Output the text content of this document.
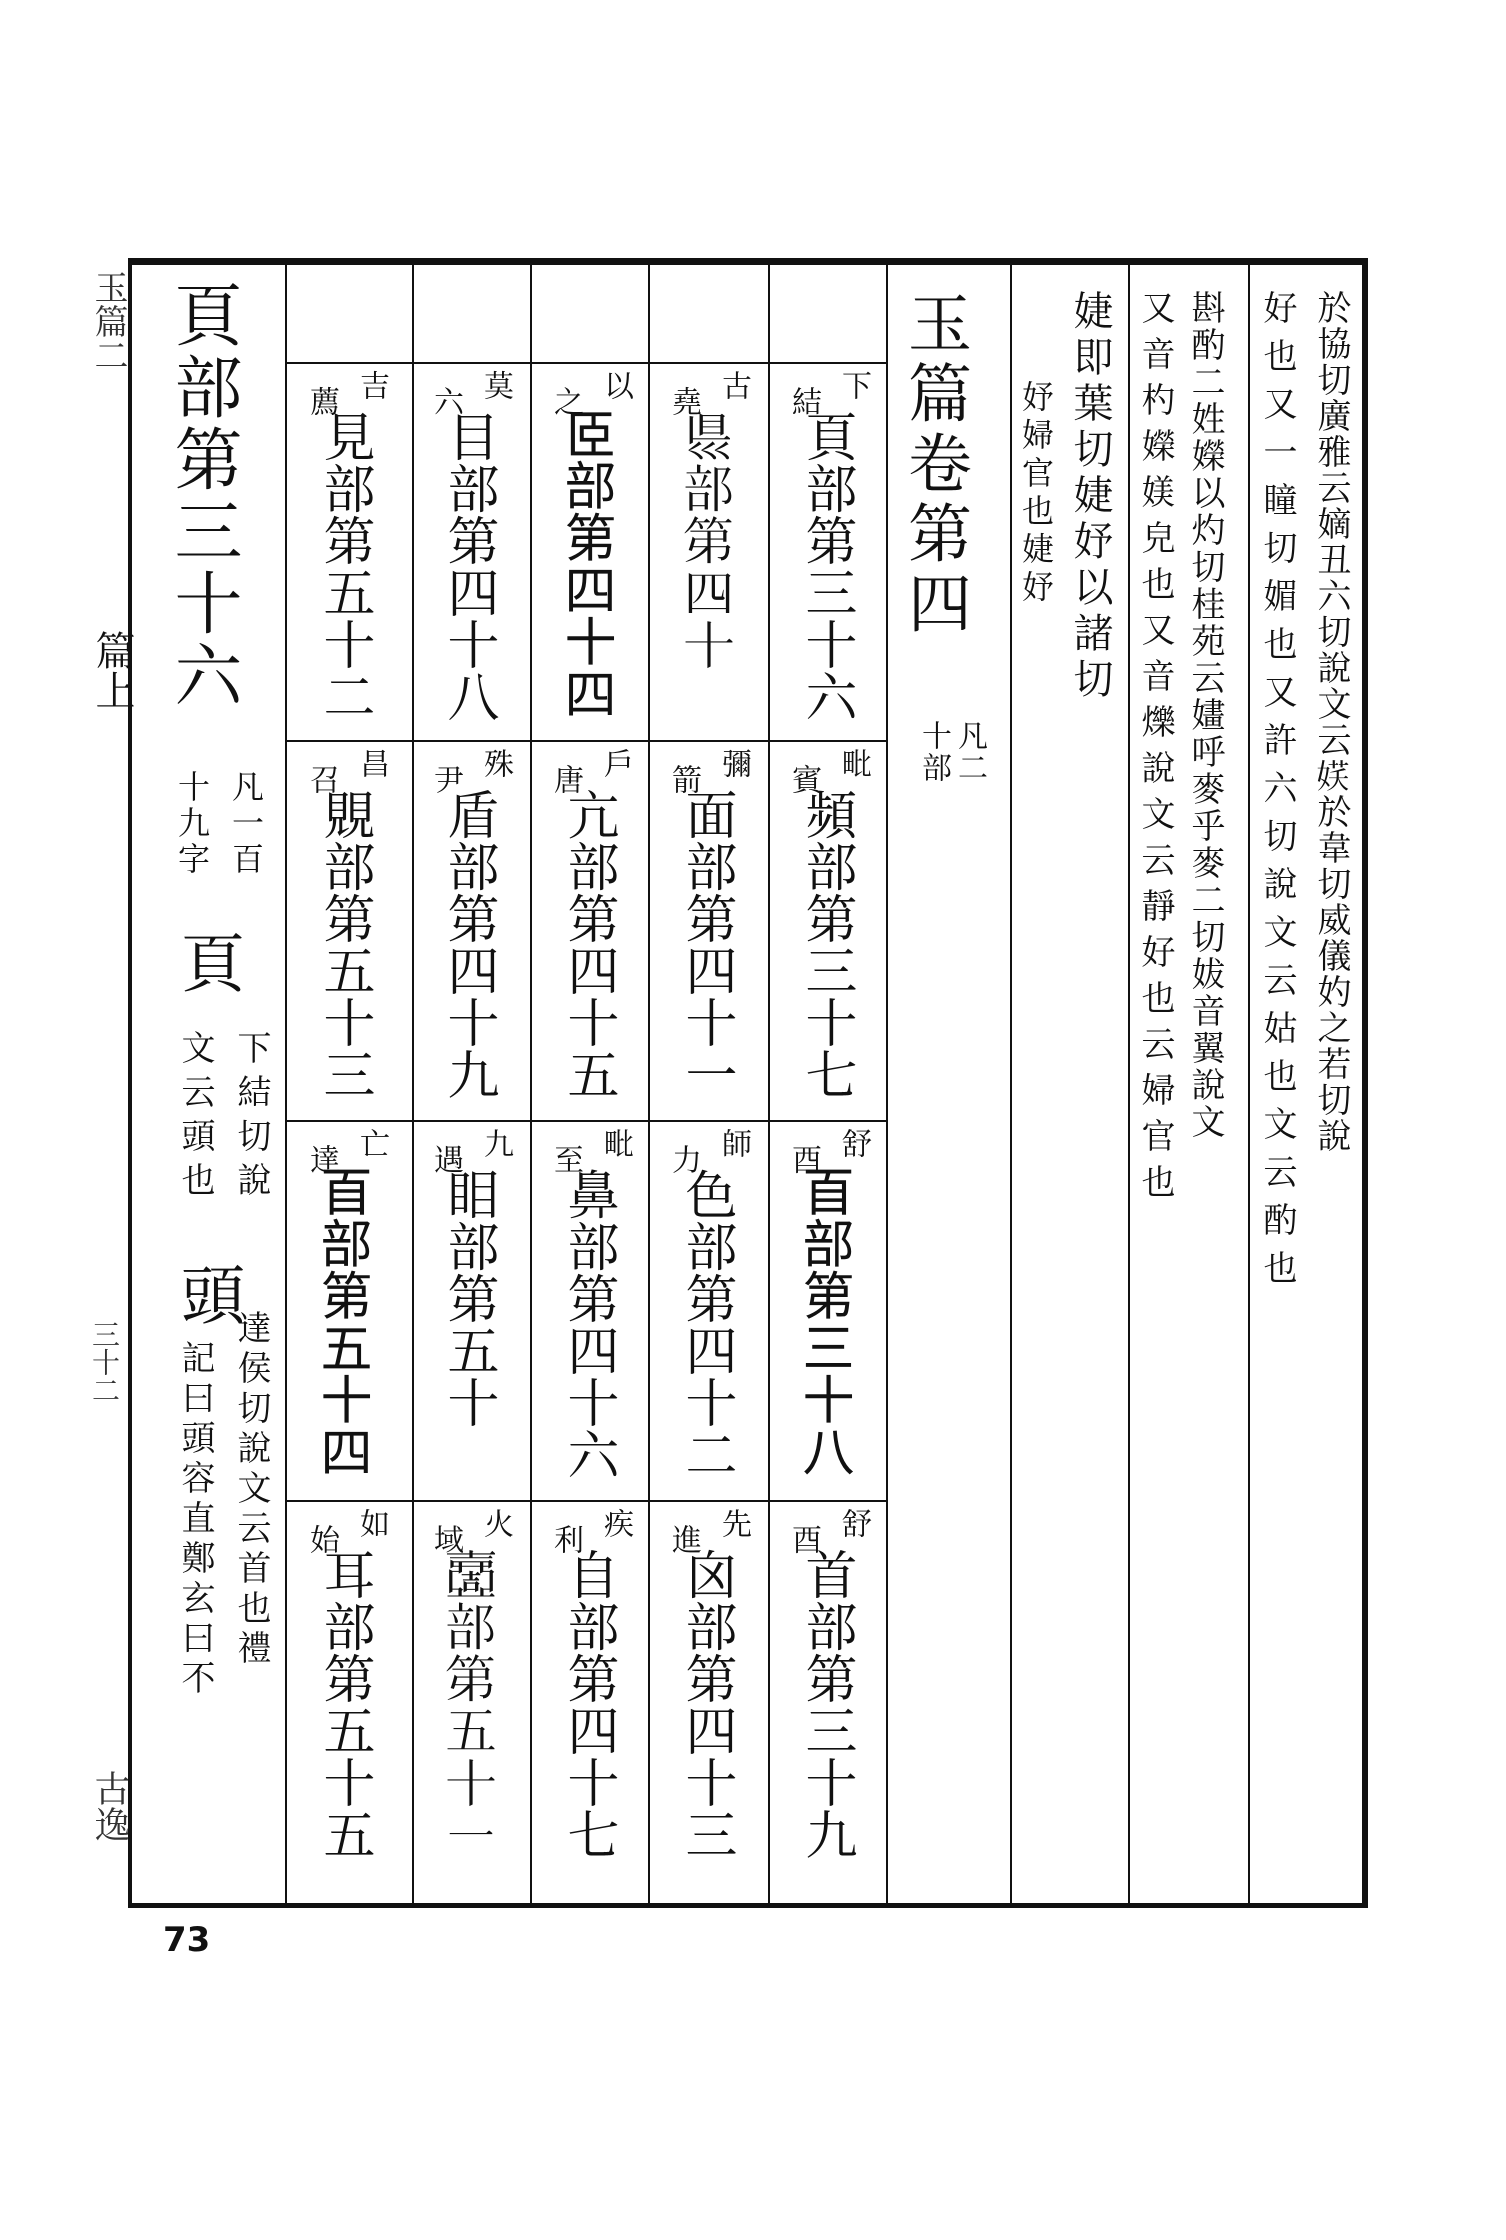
玉篇二
篇上
三十二
古逸
於協切廣雅云嫡丑六切說文云𡝩於韋切威儀妁之若切說
好也又一瞳切媚也又許六切說文云姑也文云酌也
斟酌二姓嬫以灼切桂苑云嫿呼麥乎麥二切妭音翼說文
又音杓嬫媄皃也又音爍說文云靜好也云婦官也
婕即葉切婕妤以諸切
妤婦官也婕妤
玉篇卷第四
凡二
十部
下
結
頁部第三十六
毗
賓
頻部第三十七
舒
酉
𦣻部第三十八
舒
酉
首部第三十九
古
堯
𥄉部第四十
彌
箭
面部第四十一
師
力
色部第四十二
先
進
囟部第四十三
以
之
𦣞部第四十四
戶
唐
亢部第四十五
毗
至
鼻部第四十六
疾
利
自部第四十七
莫
六
目部第四十八
殊
尹
盾部第四十九
九
遇
䀠部第五十
火
域
𡕍部第五十一
吉
薦
見部第五十二
昌
召
覞部第五十三
亡
達
𦣻部第五十四
如
始
耳部第五十五
頁部第三十六
凡一百
十九字
頁
下結切說
文云頭也
頭
達侯切說文云首也禮
記曰頭容直鄭玄曰不
73
